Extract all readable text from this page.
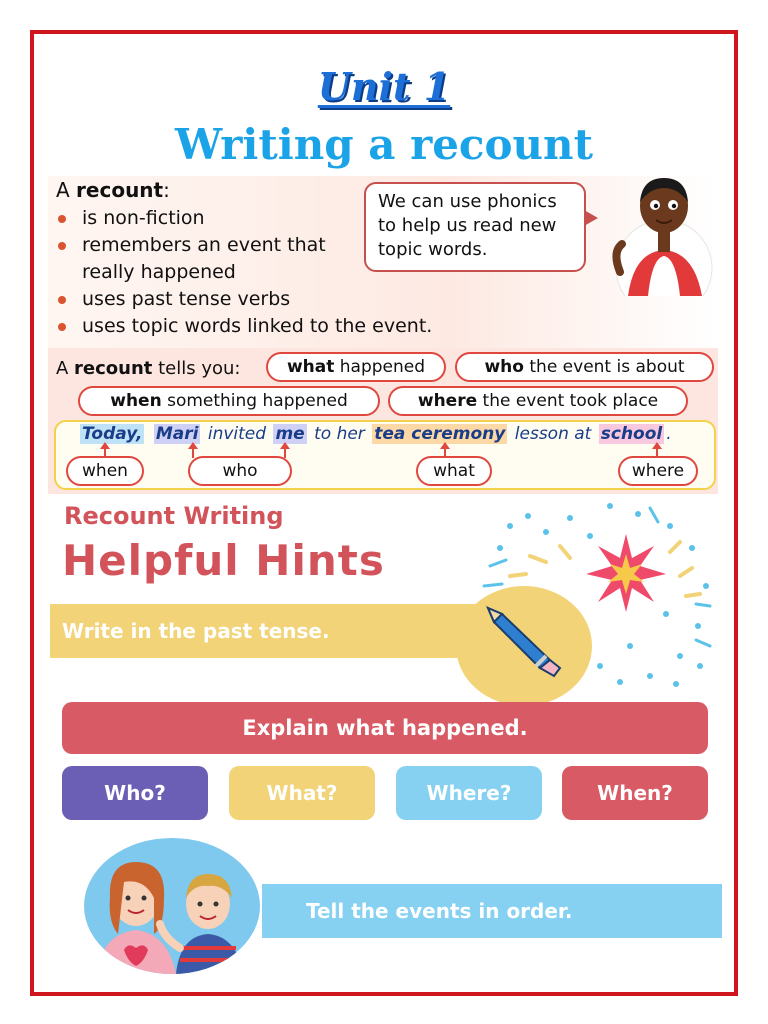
Unit 1
Writing a recount
A recount:
is non-fiction
remembers an event that really happened
uses past tense verbs
uses topic words linked to the event.
We can use phonics to help us read new topic words.
A recount tells you:	what happened	who the event is about
when something happened	where the event took place
Today, Mari invited me to her tea ceremony lesson at school .
when	who	what	where
Recount Writing
Helpful Hints
Write in the past tense.
Explain what happened.
Who?	What?	Where?	When?
Tell the events in order.
